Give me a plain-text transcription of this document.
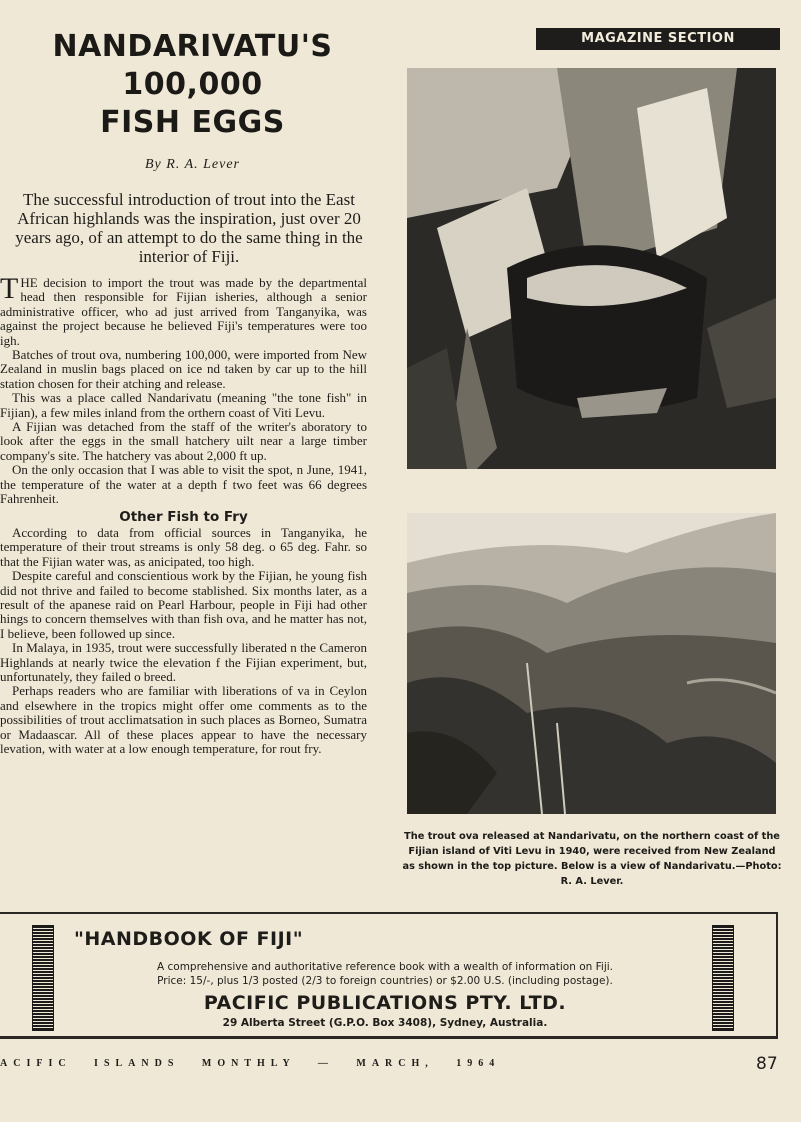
NANDARIVATU'S
100,000
FISH EGGS
MAGAZINE SECTION
By R. A. Lever

The successful introduction of trout into the East African highlands was the inspiration, just over 20 years ago, of an attempt to do the same thing in the interior of Fiji.

THE decision to import the trout was made by the departmental head then responsible for Fijian isheries, although a senior administrative officer, who ad just arrived from Tanganyika, was against the project because he believed Fiji's temperatures were too igh.

Batches of trout ova, numbering 100,000, were imported from New Zealand in muslin bags placed on ice nd taken by car up to the hill station chosen for their atching and release.

This was a place called Nandarivatu (meaning "the tone fish" in Fijian), a few miles inland from the orthern coast of Viti Levu.

A Fijian was detached from the staff of the writer's aboratory to look after the eggs in the small hatchery uilt near a large timber company's site. The hatchery vas about 2,000 ft up.

On the only occasion that I was able to visit the spot, n June, 1941, the temperature of the water at a depth f two feet was 66 degrees Fahrenheit.

Other Fish to Fry

According to data from official sources in Tanganyika, he temperature of their trout streams is only 58 deg. o 65 deg. Fahr. so that the Fijian water was, as anicipated, too high.

Despite careful and conscientious work by the Fijian, he young fish did not thrive and failed to become stablished. Six months later, as a result of the apanese raid on Pearl Harbour, people in Fiji had other hings to concern themselves with than fish ova, and he matter has not, I believe, been followed up since.

In Malaya, in 1935, trout were successfully liberated n the Cameron Highlands at nearly twice the elevation f the Fijian experiment, but, unfortunately, they failed o breed.

Perhaps readers who are familiar with liberations of va in Ceylon and elsewhere in the tropics might offer ome comments as to the possibilities of trout acclimatsation in such places as Borneo, Sumatra or Madaascar. All of these places appear to have the necessary levation, with water at a low enough temperature, for rout fry.

The trout ova released at Nandarivatu, on the northern coast of the Fijian island of Viti Levu in 1940, were received from New Zealand as shown in the top picture. Below is a view of Nandarivatu.—Photo: R. A. Lever.

"HANDBOOK OF FIJI"
A comprehensive and authoritative reference book with a wealth of information on Fiji.
Price: 15/-, plus 1/3 posted (2/3 to foreign countries) or $2.00 U.S. (including postage).
PACIFIC PUBLICATIONS PTY. LTD.
29 Alberta Street (G.P.O. Box 3408), Sydney, Australia.
ACIFIC ISLANDS MONTHLY — MARCH, 1964	87
